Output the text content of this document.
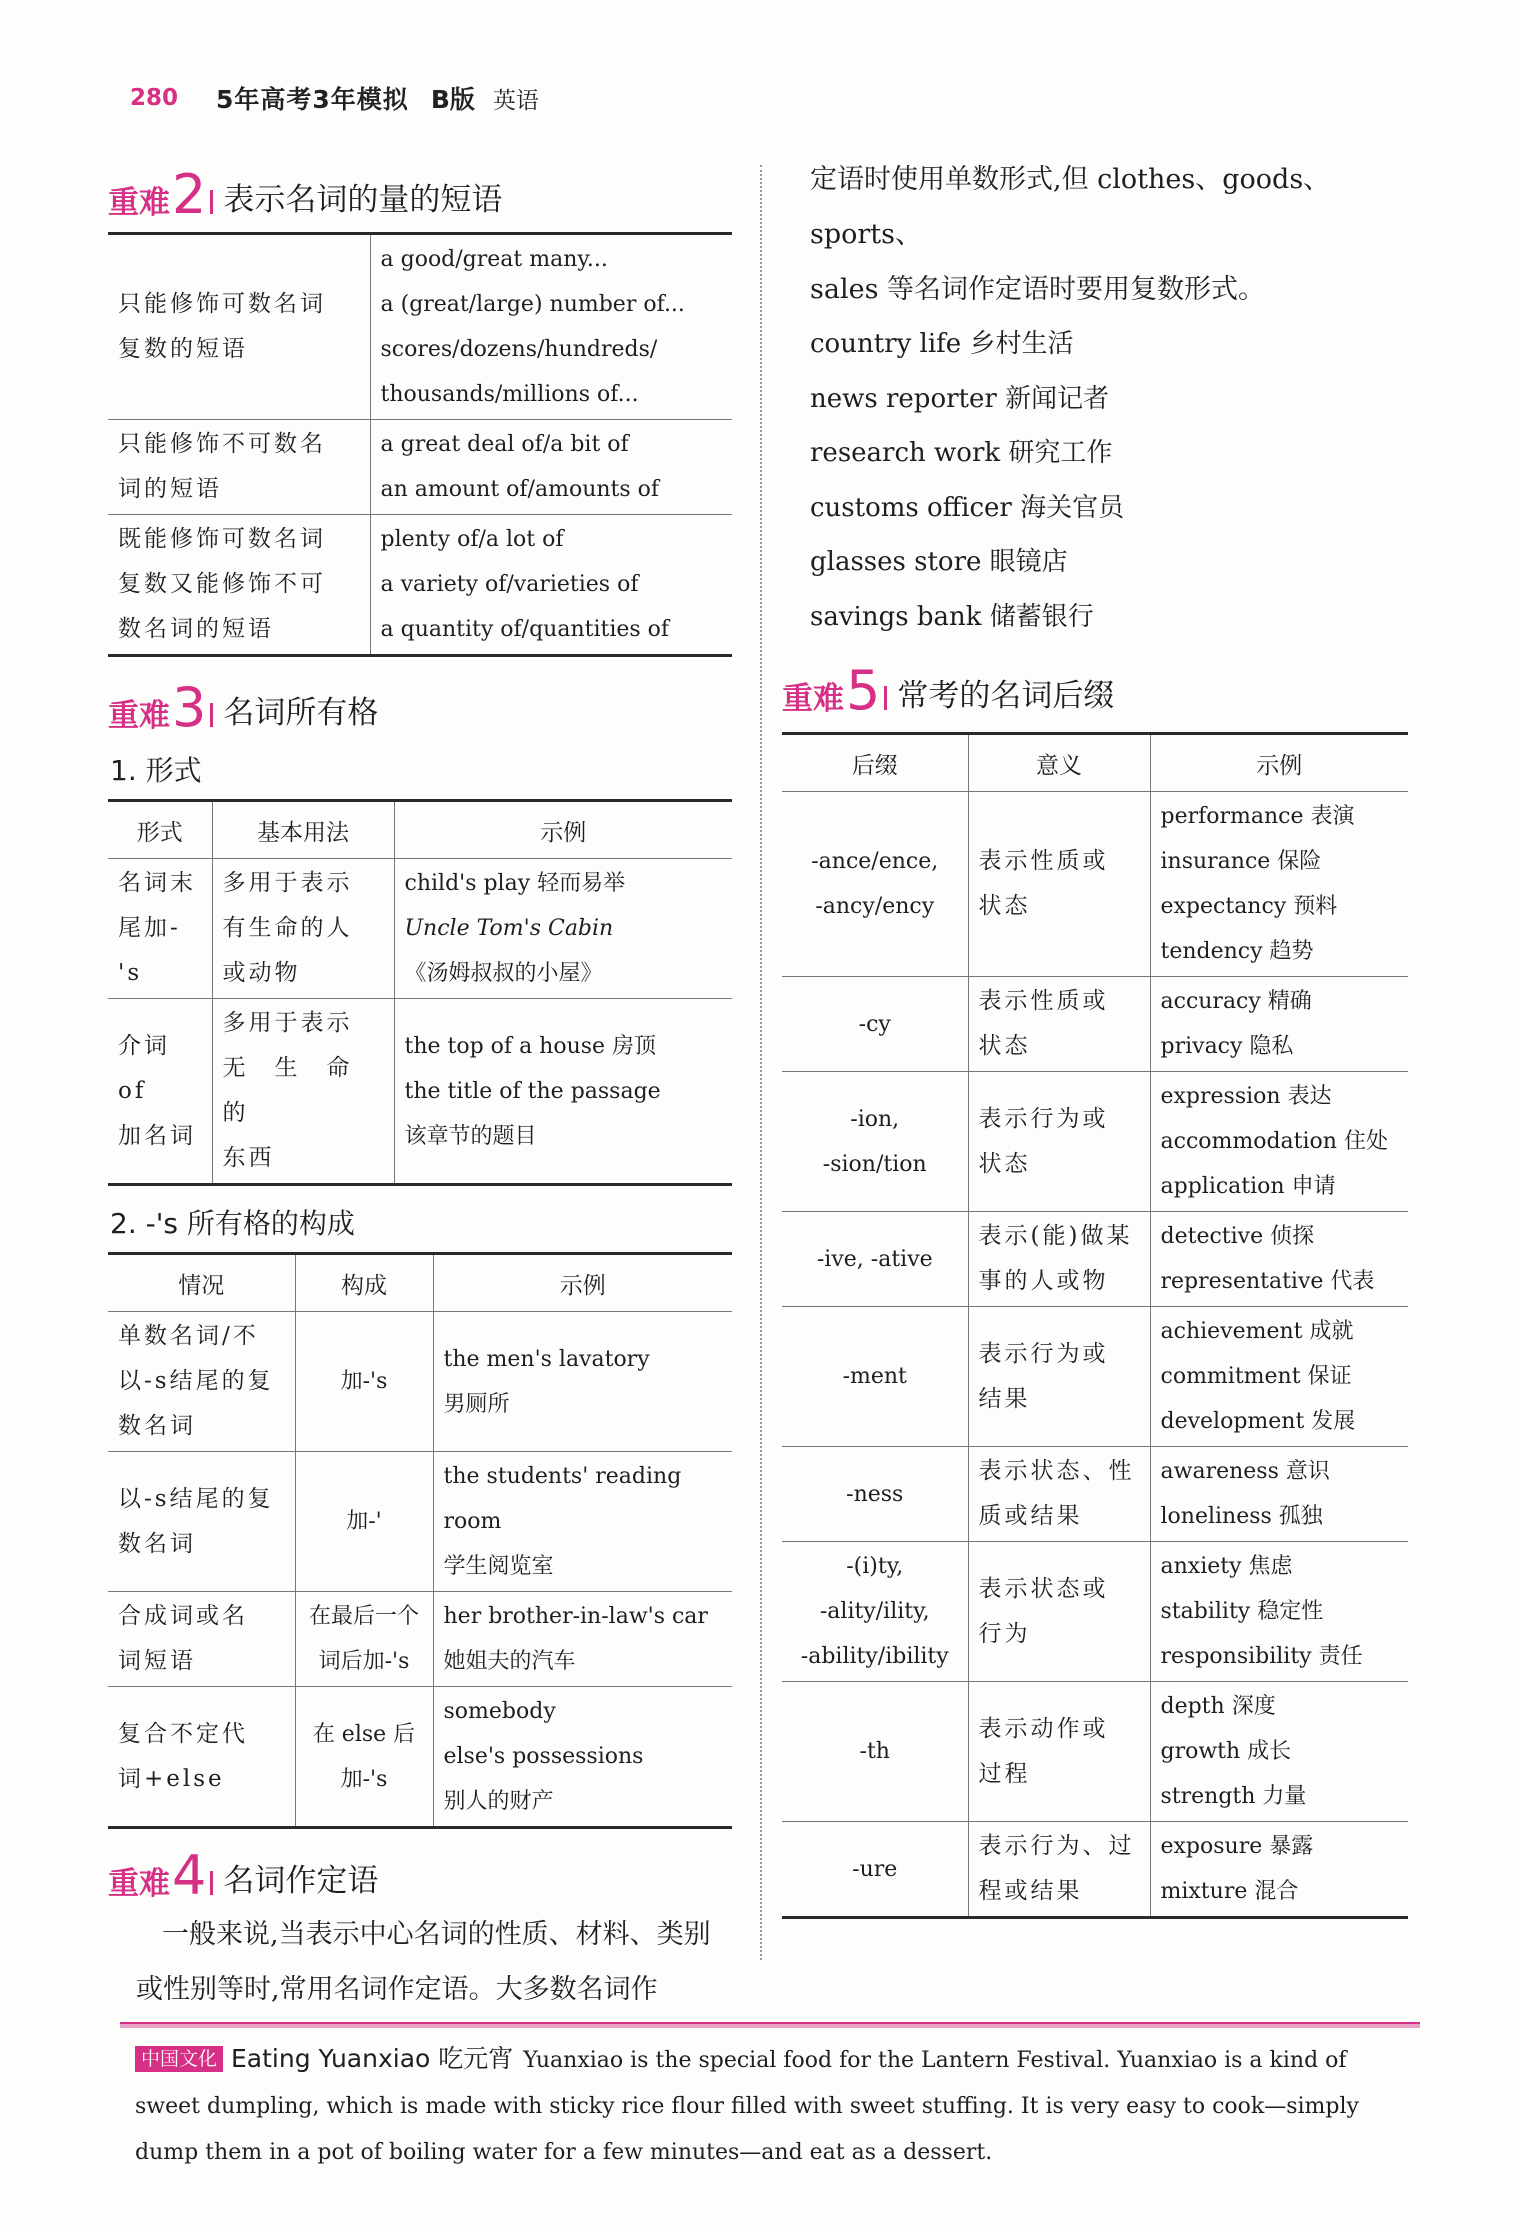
280 5年高考3年模拟 B版 英语
重难 2 表示名词的量的短语
只能修饰可数名词
复数的短语	a good/great many...
a (great/large) number of...
scores/dozens/hundreds/
thousands/millions of...

只能修饰不可数名
词的短语	a great deal of/a bit of
an amount of/amounts of

既能修饰可数名词
复数又能修饰不可
数名词的短语	plenty of/a lot of
a variety of/varieties of
a quantity of/quantities of
重难 3 名词所有格
1. 形式
形式	基本用法	示例

名词末
尾加-'s	多用于表示
有生命的人
或动物	child's play 轻而易举
Uncle Tom's Cabin
《汤姆叔叔的小屋》

介词 of
加名词	多用于表示
无　生　命　的
东西	the top of a house 房顶
the title of the passage
该章节的题目
2. -'s 所有格的构成
情况	构成	示例

单数名词/不
以-s结尾的复
数名词	加-'s	the men's lavatory
男厕所

以-s结尾的复
数名词	加-'	the students' reading room
学生阅览室

合成词或名
词短语	在最后一个
词后加-'s	her brother-in-law's car
她姐夫的汽车

复合不定代
词+else	在 else 后
加-'s	somebody
else's possessions
别人的财产
重难 4 名词作定语
一般来说,当表示中心名词的性质、材料、类别
或性别等时,常用名词作定语。大多数名词作
定语时使用单数形式,但 clothes、goods、sports、
sales 等名词作定语时要用复数形式。
country life 乡村生活
news reporter 新闻记者
research work 研究工作
customs officer 海关官员
glasses store 眼镜店
savings bank 储蓄银行
重难 5 常考的名词后缀
后缀	意义	示例

-ance/ence,
-ancy/ency	表示性质或
状态	performance 表演
insurance 保险
expectancy 预料
tendency 趋势

-cy	表示性质或
状态	accuracy 精确
privacy 隐私

-ion,
-sion/tion	表示行为或
状态	expression 表达
accommodation 住处
application 申请

-ive, -ative	表示(能)做某
事的人或物	detective 侦探
representative 代表

-ment	表示行为或
结果	achievement 成就
commitment 保证
development 发展

-ness	表示状态、性
质或结果	awareness 意识
loneliness 孤独

-(i)ty,
-ality/ility,
-ability/ibility	表示状态或
行为	anxiety 焦虑
stability 稳定性
responsibility 责任

-th	表示动作或
过程	depth 深度
growth 成长
strength 力量

-ure	表示行为、过
程或结果	exposure 暴露
mixture 混合
中国文化 Eating Yuanxiao 吃元宵 Yuanxiao is the special food for the Lantern Festival. Yuanxiao is a kind of sweet dumpling, which is made with sticky rice flour filled with sweet stuffing. It is very easy to cook—simply dump them in a pot of boiling water for a few minutes—and eat as a dessert.
